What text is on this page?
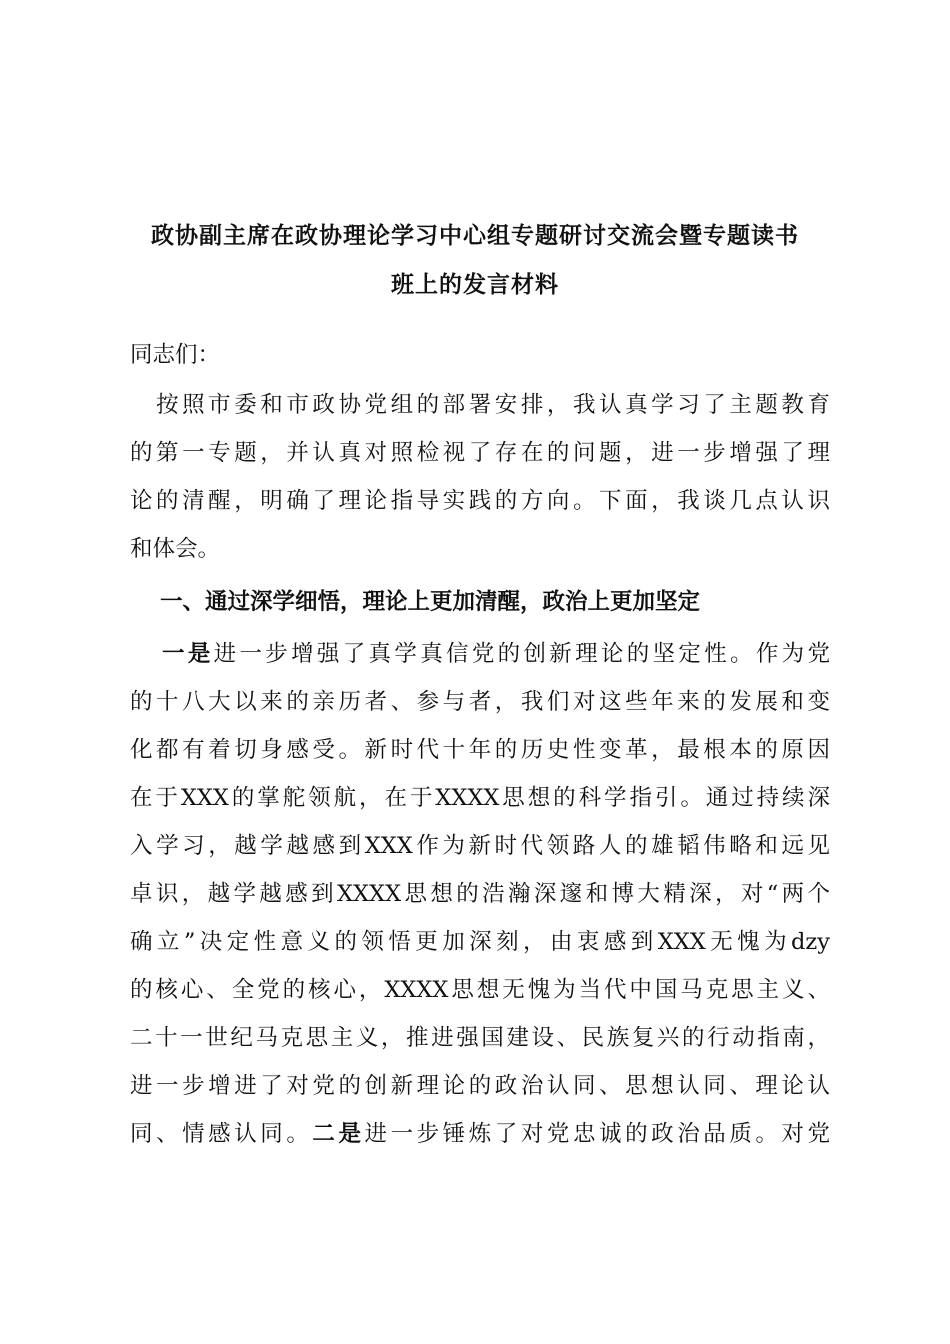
政协副主席在政协理论学习中心组专题研讨交流会暨专题读书
班上的发言材料
同志们：
　按照市委和市政协党组的部署安排，我认真学习了主题教育
的第一专题，并认真对照检视了存在的问题，进一步增强了理
论的清醒，明确了理论指导实践的方向。下面，我谈几点认识
和体会。
一、通过深学细悟，理论上更加清醒，政治上更加坚定
一是进一步增强了真学真信党的创新理论的坚定性。作为党
的十八大以来的亲历者、参与者，我们对这些年来的发展和变
化都有着切身感受。新时代十年的历史性变革，最根本的原因
在于XXX的掌舵领航，在于XXXX思想的科学指引。通过持续深
入学习，越学越感到XXX作为新时代领路人的雄韬伟略和远见
卓识，越学越感到XXXX思想的浩瀚深邃和博大精深，对“两个
确立”决定性意义的领悟更加深刻，由衷感到XXX无愧为dzy
的核心、全党的核心，XXXX思想无愧为当代中国马克思主义、
二十一世纪马克思主义，推进强国建设、民族复兴的行动指南，
进一步增进了对党的创新理论的政治认同、思想认同、理论认
同、情感认同。二是进一步锤炼了对党忠诚的政治品质。对党
